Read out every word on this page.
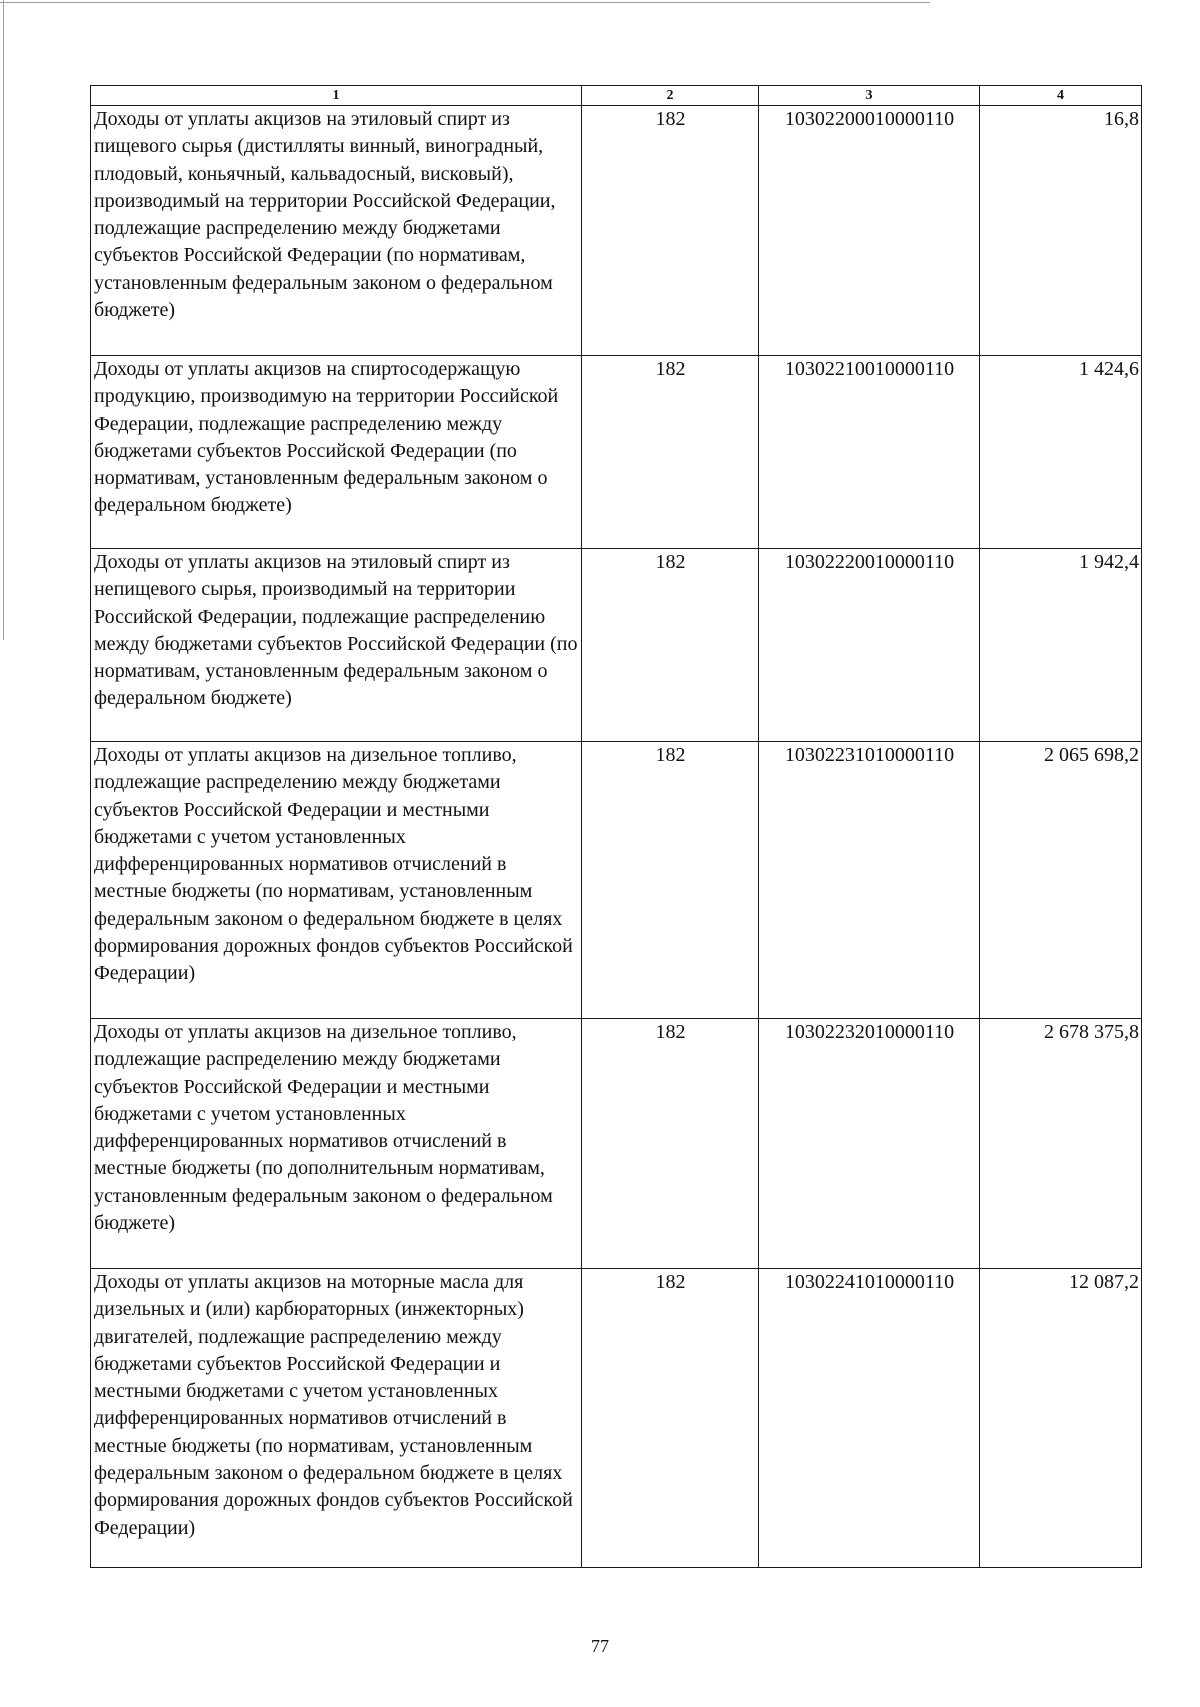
1	2	3	4
Доходы от уплаты акцизов на этиловый спирт из пищевого сырья (дистилляты винный, виноградный, плодовый, коньячный, кальвадосный, висковый), производимый на территории Российской Федерации, подлежащие распределению между бюджетами субъектов Российской Федерации (по нормативам, установленным федеральным законом о федеральном бюджете)	182	10302200010000110	16,8
Доходы от уплаты акцизов на спиртосодержащую продукцию, производимую на территории Российской Федерации, подлежащие распределению между бюджетами субъектов Российской Федерации (по нормативам, установленным федеральным законом о федеральном бюджете)	182	10302210010000110	1 424,6
Доходы от уплаты акцизов на этиловый спирт из непищевого сырья, производимый на территории Российской Федерации, подлежащие распределению между бюджетами субъектов Российской Федерации (по нормативам, установленным федеральным законом о федеральном бюджете)	182	10302220010000110	1 942,4
Доходы от уплаты акцизов на дизельное топливо, подлежащие распределению между бюджетами субъектов Российской Федерации и местными бюджетами с учетом установленных дифференцированных нормативов отчислений в местные бюджеты (по нормативам, установленным федеральным законом о федеральном бюджете в целях формирования дорожных фондов субъектов Российской Федерации)	182	10302231010000110	2 065 698,2
Доходы от уплаты акцизов на дизельное топливо, подлежащие распределению между бюджетами субъектов Российской Федерации и местными бюджетами с учетом установленных дифференцированных нормативов отчислений в местные бюджеты (по дополнительным нормативам, установленным федеральным законом о федеральном бюджете)	182	10302232010000110	2 678 375,8
Доходы от уплаты акцизов на моторные масла для дизельных и (или) карбюраторных (инжекторных) двигателей, подлежащие распределению между бюджетами субъектов Российской Федерации и местными бюджетами с учетом установленных дифференцированных нормативов отчислений в местные бюджеты (по нормативам, установленным федеральным законом о федеральном бюджете в целях формирования дорожных фондов субъектов Российской Федерации)	182	10302241010000110	12 087,2
77
